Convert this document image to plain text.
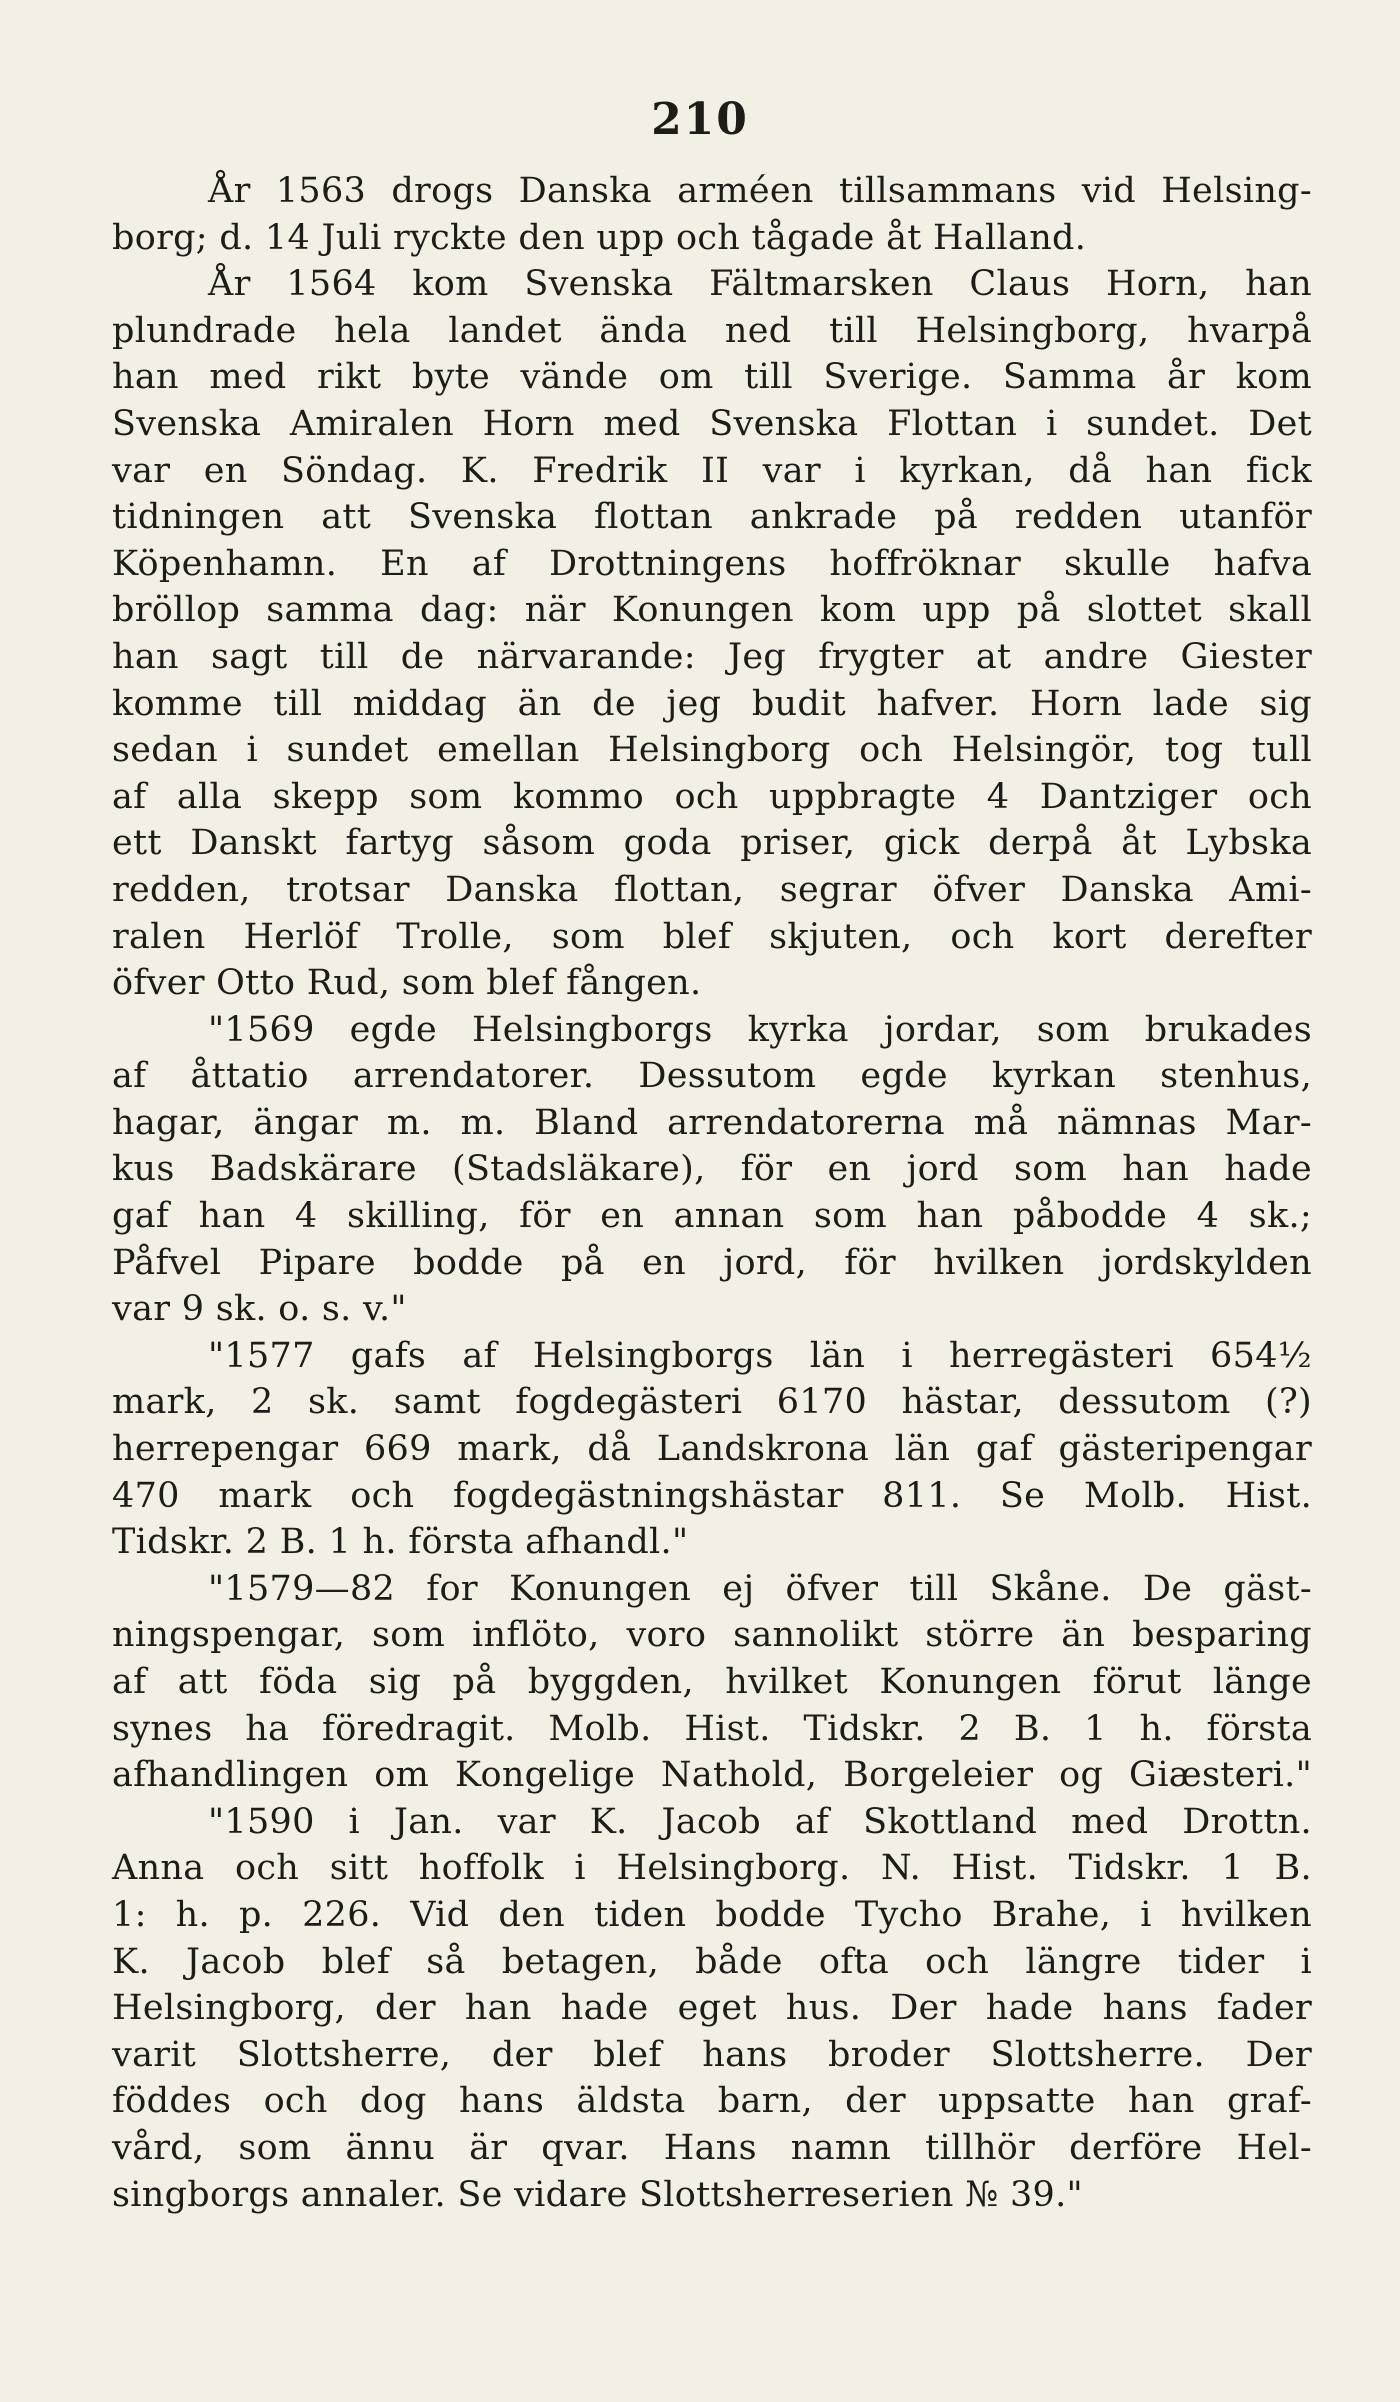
210
År 1563 drogs Danska arméen tillsammans vid Helsing-
borg; d. 14 Juli ryckte den upp och tågade åt Halland.
År 1564 kom Svenska Fältmarsken Claus Horn, han
plundrade hela landet ända ned till Helsingborg, hvarpå
han med rikt byte vände om till Sverige. Samma år kom
Svenska Amiralen Horn med Svenska Flottan i sundet. Det
var en Söndag. K. Fredrik II var i kyrkan, då han fick
tidningen att Svenska flottan ankrade på redden utanför
Köpenhamn. En af Drottningens hoffröknar skulle hafva
bröllop samma dag: när Konungen kom upp på slottet skall
han sagt till de närvarande: Jeg frygter at andre Giester
komme till middag än de jeg budit hafver. Horn lade sig
sedan i sundet emellan Helsingborg och Helsingör, tog tull
af alla skepp som kommo och uppbragte 4 Dantziger och
ett Danskt fartyg såsom goda priser, gick derpå åt Lybska
redden, trotsar Danska flottan, segrar öfver Danska Ami-
ralen Herlöf Trolle, som blef skjuten, och kort derefter
öfver Otto Rud, som blef fången.
"1569 egde Helsingborgs kyrka jordar, som brukades
af åttatio arrendatorer. Dessutom egde kyrkan stenhus,
hagar, ängar m. m. Bland arrendatorerna må nämnas Mar-
kus Badskärare (Stadsläkare), för en jord som han hade
gaf han 4 skilling, för en annan som han påbodde 4 sk.;
Påfvel Pipare bodde på en jord, för hvilken jordskylden
var 9 sk. o. s. v."
"1577 gafs af Helsingborgs län i herregästeri 654½
mark, 2 sk. samt fogdegästeri 6170 hästar, dessutom (?)
herrepengar 669 mark, då Landskrona län gaf gästeripengar
470 mark och fogdegästningshästar 811. Se Molb. Hist.
Tidskr. 2 B. 1 h. första afhandl."
"1579—82 for Konungen ej öfver till Skåne. De gäst-
ningspengar, som inflöto, voro sannolikt större än besparing
af att föda sig på byggden, hvilket Konungen förut länge
synes ha föredragit. Molb. Hist. Tidskr. 2 B. 1 h. första
afhandlingen om Kongelige Nathold, Borgeleier og Giæsteri."
"1590 i Jan. var K. Jacob af Skottland med Drottn.
Anna och sitt hoffolk i Helsingborg. N. Hist. Tidskr. 1 B.
1: h. p. 226. Vid den tiden bodde Tycho Brahe, i hvilken
K. Jacob blef så betagen, både ofta och längre tider i
Helsingborg, der han hade eget hus. Der hade hans fader
varit Slottsherre, der blef hans broder Slottsherre. Der
föddes och dog hans äldsta barn, der uppsatte han graf-
vård, som ännu är qvar. Hans namn tillhör derföre Hel-
singborgs annaler. Se vidare Slottsherreserien № 39."
